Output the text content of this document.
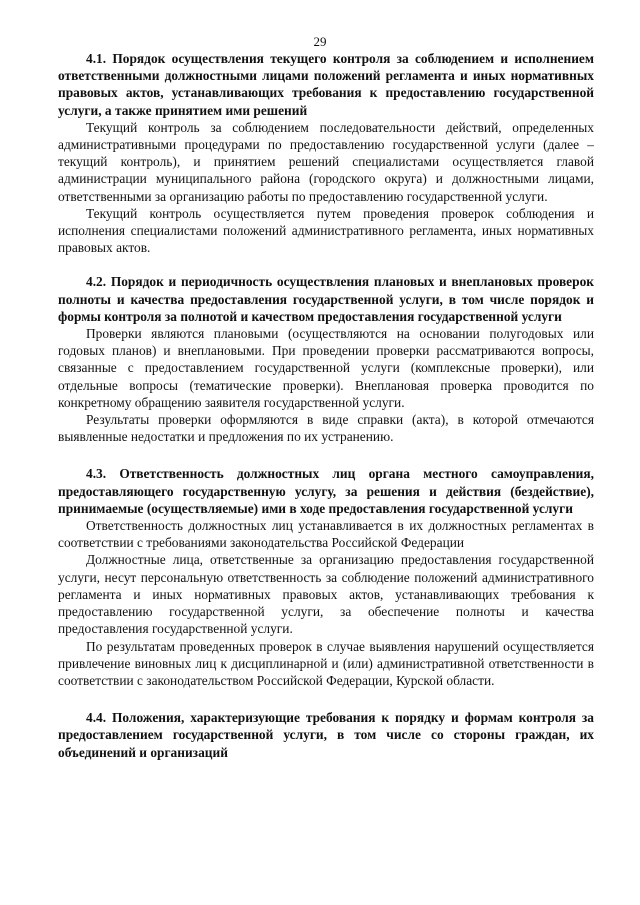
29

4.1. Порядок осуществления текущего контроля за соблюдением и исполнением ответственными должностными лицами положений регламента и иных нормативных правовых актов, устанавливающих требования к предоставлению государственной услуги, а также принятием ими решений

Текущий контроль за соблюдением последовательности действий, определенных административными процедурами по предоставлению государственной услуги (далее – текущий контроль), и принятием решений специалистами осуществляется главой администрации муниципального района (городского округа) и должностными лицами, ответственными за организацию работы по предоставлению государственной услуги.

Текущий контроль осуществляется путем проведения проверок соблюдения и исполнения специалистами положений административного регламента, иных нормативных правовых актов.

4.2. Порядок и периодичность осуществления плановых и внеплановых проверок полноты и качества предоставления государственной услуги, в том числе порядок и формы контроля за полнотой и качеством предоставления государственной услуги

Проверки являются плановыми (осуществляются на основании полугодовых или годовых планов) и внеплановыми. При проведении проверки рассматриваются вопросы, связанные с предоставлением государственной услуги (комплексные проверки), или отдельные вопросы (тематические проверки). Внеплановая проверка проводится по конкретному обращению заявителя государственной услуги.

Результаты проверки оформляются в виде справки (акта), в которой отмечаются выявленные недостатки и предложения по их устранению.

4.3. Ответственность должностных лиц органа местного самоуправления, предоставляющего государственную услугу, за решения и действия (бездействие), принимаемые (осуществляемые) ими в ходе предоставления государственной услуги

Ответственность должностных лиц устанавливается в их должностных регламентах в соответствии с требованиями законодательства Российской Федерации

Должностные лица, ответственные за организацию предоставления государственной услуги, несут персональную ответственность за соблюдение положений административного регламента и иных нормативных правовых актов, устанавливающих требования к предоставлению государственной услуги, за обеспечение полноты и качества предоставления государственной услуги.

По результатам проведенных проверок в случае выявления нарушений осуществляется привлечение виновных лиц к дисциплинарной и (или) административной ответственности в соответствии с законодательством Российской Федерации, Курской области.

4.4. Положения, характеризующие требования к порядку и формам контроля за предоставлением государственной услуги, в том числе со стороны граждан, их объединений и организаций
